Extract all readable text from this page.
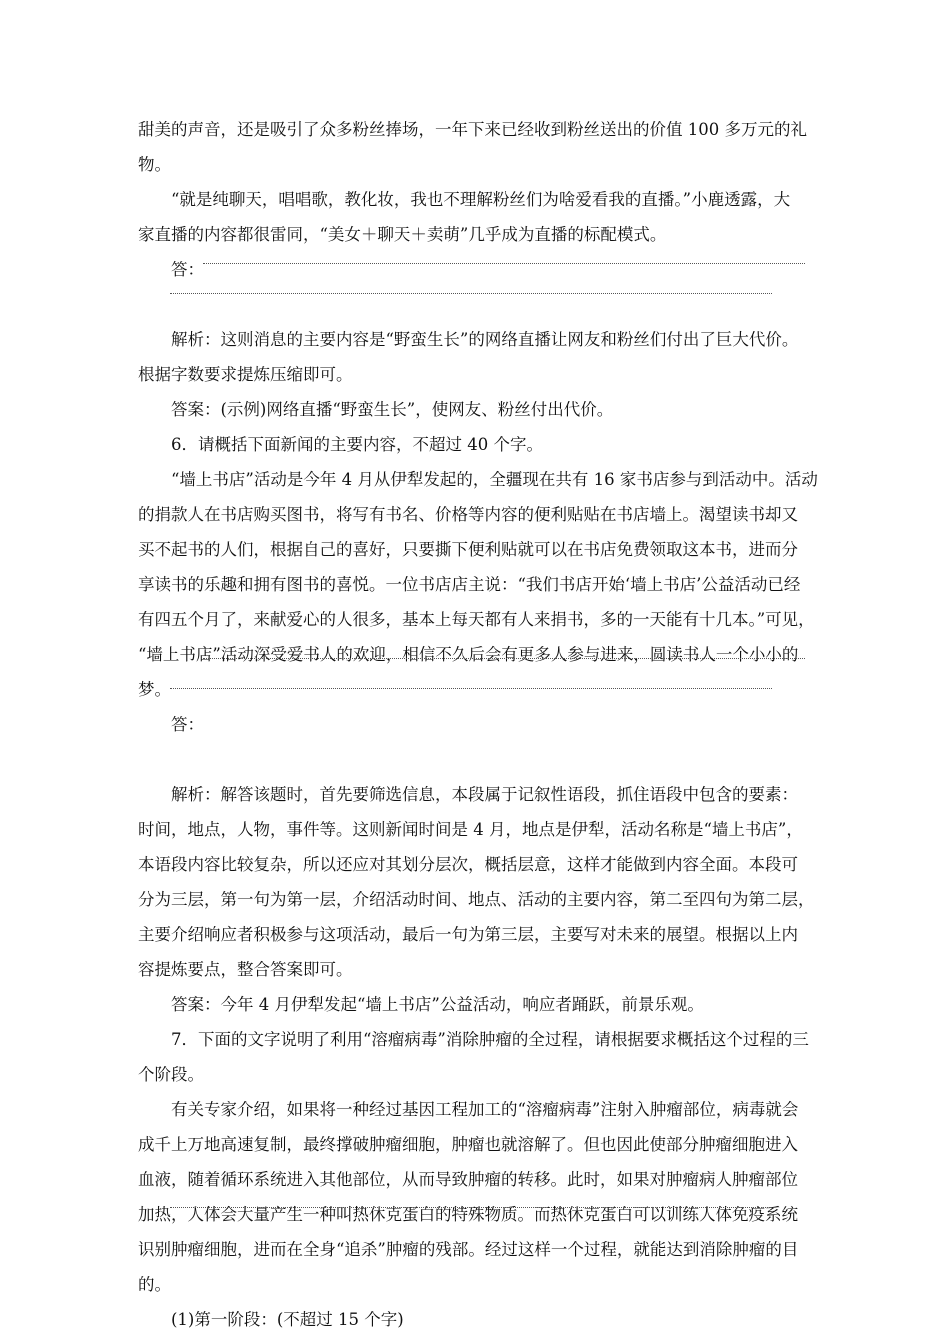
甜美的声音，还是吸引了众多粉丝捧场，一年下来已经收到粉丝送出的价值 100 多万元的礼
物。
“就是纯聊天，唱唱歌，教化妆，我也不理解粉丝们为啥爱看我的直播。”小鹿透露，大
家直播的内容都很雷同，“美女＋聊天＋卖萌”几乎成为直播的标配模式。
答：
解析：这则消息的主要内容是“野蛮生长”的网络直播让网友和粉丝们付出了巨大代价。
根据字数要求提炼压缩即可。
答案：(示例)网络直播“野蛮生长”，使网友、粉丝付出代价。
6．请概括下面新闻的主要内容，不超过 40 个字。
“墙上书店”活动是今年 4 月从伊犁发起的，全疆现在共有 16 家书店参与到活动中。活动
的捐款人在书店购买图书，将写有书名、价格等内容的便利贴贴在书店墙上。渴望读书却又
买不起书的人们，根据自己的喜好，只要撕下便利贴就可以在书店免费领取这本书，进而分
享读书的乐趣和拥有图书的喜悦。一位书店店主说：“我们书店开始‘墙上书店’公益活动已经
有四五个月了，来献爱心的人很多，基本上每天都有人来捐书，多的一天能有十几本。”可见，
“墙上书店”活动深受爱书人的欢迎，相信不久后会有更多人参与进来，圆读书人一个小小的
梦。
答：
解析：解答该题时，首先要筛选信息，本段属于记叙性语段，抓住语段中包含的要素：
时间，地点，人物，事件等。这则新闻时间是 4 月，地点是伊犁，活动名称是“墙上书店”，
本语段内容比较复杂，所以还应对其划分层次，概括层意，这样才能做到内容全面。本段可
分为三层，第一句为第一层，介绍活动时间、地点、活动的主要内容，第二至四句为第二层，
主要介绍响应者积极参与这项活动，最后一句为第三层，主要写对未来的展望。根据以上内
容提炼要点，整合答案即可。
答案：今年 4 月伊犁发起“墙上书店”公益活动，响应者踊跃，前景乐观。
7．下面的文字说明了利用“溶瘤病毒”消除肿瘤的全过程，请根据要求概括这个过程的三
个阶段。
有关专家介绍，如果将一种经过基因工程加工的“溶瘤病毒”注射入肿瘤部位，病毒就会
成千上万地高速复制，最终撑破肿瘤细胞，肿瘤也就溶解了。但也因此使部分肿瘤细胞进入
血液，随着循环系统进入其他部位，从而导致肿瘤的转移。此时，如果对肿瘤病人肿瘤部位
加热，人体会大量产生一种叫热休克蛋白的特殊物质。而热休克蛋白可以训练人体免疫系统
识别肿瘤细胞，进而在全身“追杀”肿瘤的残部。经过这样一个过程，就能达到消除肿瘤的目
的。
(1)第一阶段：(不超过 15 个字)
